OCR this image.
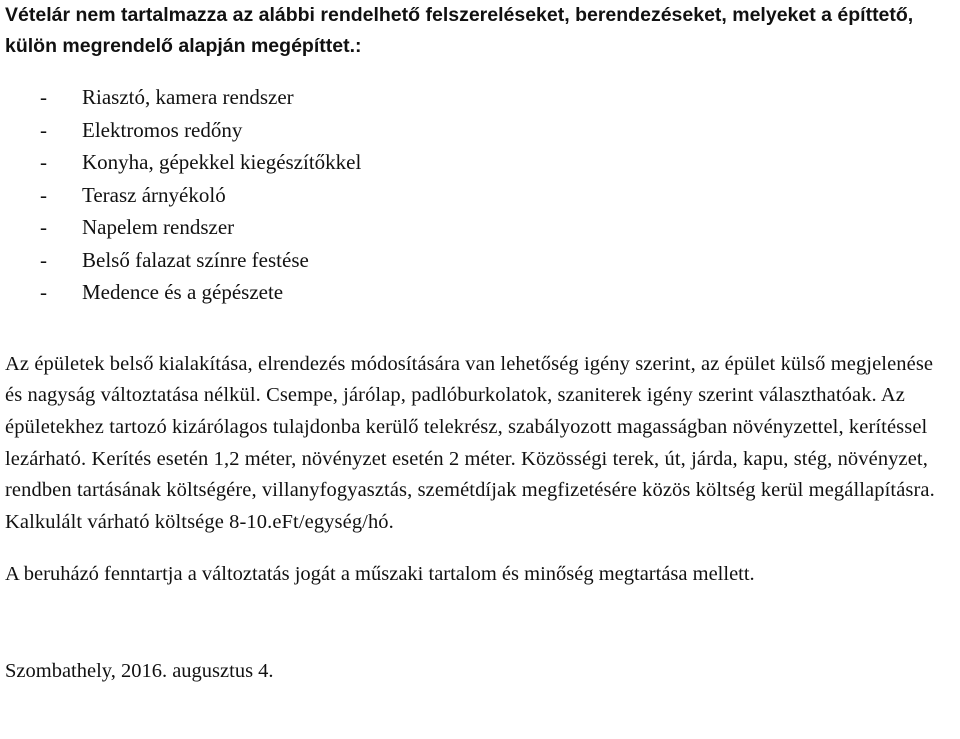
Vételár nem tartalmazza az alábbi rendelhető felszereléseket, berendezéseket, melyeket a építtető, külön megrendelő alapján megépíttet.:

- Riasztó, kamera rendszer
- Elektromos redőny
- Konyha, gépekkel kiegészítőkkel
- Terasz árnyékoló
- Napelem rendszer
- Belső falazat színre festése
- Medence és a gépészete

Az épületek belső kialakítása, elrendezés módosítására van lehetőség igény szerint, az épület külső megjelenése és nagyság változtatása nélkül. Csempe, járólap, padlóburkolatok, szaniterek igény szerint választhatóak. Az épületekhez tartozó kizárólagos tulajdonba kerülő telekrész, szabályozott magasságban növényzettel, kerítéssel lezárható. Kerítés esetén 1,2 méter, növényzet esetén 2 méter. Közösségi terek, út, járda, kapu, stég, növényzet, rendben tartásának költségére, villanyfogyasztás, szemétdíjak megfizetésére közös költség kerül megállapításra. Kalkulált várható költsége 8-10.eFt/egység/hó.

A beruházó fenntartja a változtatás jogát a műszaki tartalom és minőség megtartása mellett.

Szombathely, 2016. augusztus 4.
